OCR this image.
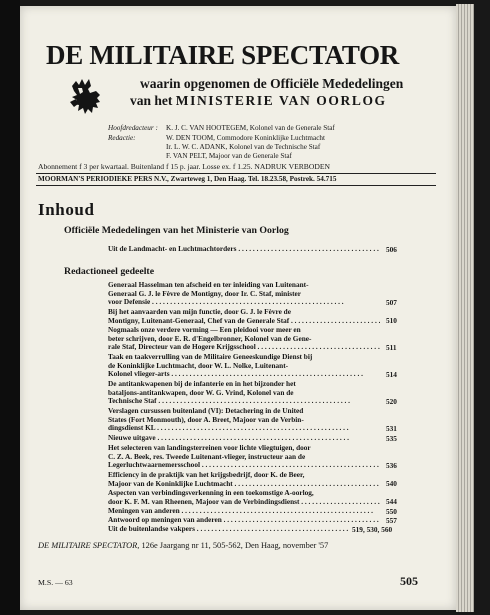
DE MILITAIRE SPECTATOR
waarin opgenomen de Officiële Mededelingen
van het MINISTERIE VAN OORLOG
Hoofdredacteur : K. J. C. VAN HOOTEGEM, Kolonel van de Generale Staf
Redactie:	W. DEN TOOM, Commodore Koninklijke Luchtmacht
Ir. L. W. C. ADANK, Kolonel van de Technische Staf
F. VAN PELT, Majoor van de Generale Staf
Abonnement f 3 per kwartaal. Buitenland f 15 p. jaar. Losse ex. f 1.25. NADRUK VERBODEN
MOORMAN'S PERIODIEKE PERS N.V., Zwarteweg 1, Den Haag. Tel. 18.23.58, Postrek. 54.715
Inhoud
Officiële Mededelingen van het Ministerie van Oorlog
Uit de Landmacht- en Luchtmachtorders . . .	506
Redactioneel gedeelte
Generaal Hasselman ten afscheid en ter inleiding van Luitenant-
Generaal G. J. le Fèvre de Montigny, door Ir. C. Staf, minister
voor Defensie . . .	507
Bij het aanvaarden van mijn functie, door G. J. le Fèvre de
Montigny, Luitenant-Generaal, Chef van de Generale Staf . . .	510
Nogmaals onze verdere vorming — Een pleidooi voor meer en
beter schrijven, door E. R. d'Engelbronner, Kolonel van de Gene-
rale Staf, Directeur van de Hogere Krijgsschool . . .	511
Taak en taakverrulling van de Militaire Geneeskundige Dienst bij
de Koninklijke Luchtmacht, door W. L. Nolke, Luitenant-
Kolonel vlieger-arts . . .	514
De antitankwapenen bij de infanterie en in het bijzonder het
bataljons-antitankwapen, door W. G. Vrind, Kolonel van de
Technische Staf . . .	520
Verslagen cursussen buitenland (VI): Detachering in de United
States (Fort Monmouth), door A. Breet, Majoor van de Verbin-
dingsdienst KL . . .	531
Nieuwe uitgave . . .	535
Het selecteren van landingsterreinen voor lichte vliegtuigen, door
C. Z. A. Beek, res. Tweede Luitenant-vlieger, instructeur aan de
Legerluchtwaarnemersschool . . .	536
Efficiency in de praktijk van het krijgsbedrijf, door K. de Beer,
Majoor van de Koninklijke Luchtmacht . . .	540
Aspecten van verbindingsverkenning in een toekomstige A-oorlog,
door K. F. M. van Rheenen, Majoor van de Verbindingsdienst . . .	544
Meningen van anderen . . .	550
Antwoord op meningen van anderen . . .	557
Uit de buitenlandse vakpers . . .	519, 530, 560
DE MILITAIRE SPECTATOR, 126e Jaargang nr 11, 505-562, Den Haag, november '57
M.S. — 63	505
